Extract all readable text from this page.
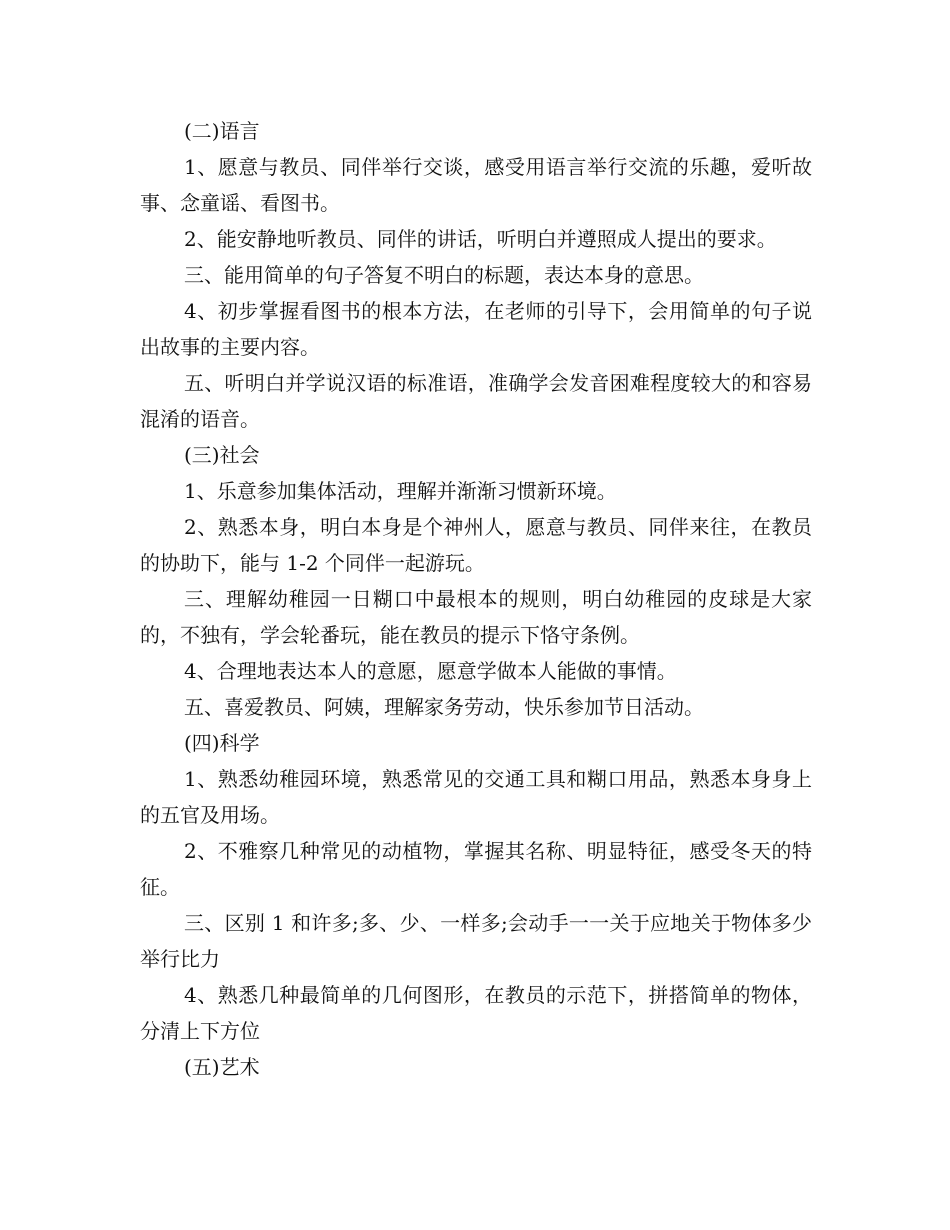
(二)语言

1、愿意与教员、同伴举行交谈，感受用语言举行交流的乐趣，爱听故事、念童谣、看图书。

2、能安静地听教员、同伴的讲话，听明白并遵照成人提出的要求。

三、能用简单的句子答复不明白的标题，表达本身的意思。

4、初步掌握看图书的根本方法，在老师的引导下，会用简单的句子说出故事的主要内容。

五、听明白并学说汉语的标准语，准确学会发音困难程度较大的和容易混淆的语音。

(三)社会

1、乐意参加集体活动，理解并渐渐习惯新环境。

2、熟悉本身，明白本身是个神州人，愿意与教员、同伴来往，在教员的协助下，能与 1-2 个同伴一起游玩。

三、理解幼稚园一日糊口中最根本的规则，明白幼稚园的皮球是大家的，不独有，学会轮番玩，能在教员的提示下恪守条例。

4、合理地表达本人的意愿，愿意学做本人能做的事情。

五、喜爱教员、阿姨，理解家务劳动，快乐参加节日活动。

(四)科学

1、熟悉幼稚园环境，熟悉常见的交通工具和糊口用品，熟悉本身身上的五官及用场。

2、不雅察几种常见的动植物，掌握其名称、明显特征，感受冬天的特征。

三、区别 1 和许多;多、少、一样多;会动手一一关于应地关于物体多少举行比力

4、熟悉几种最简单的几何图形，在教员的示范下，拼搭简单的物体，分清上下方位

(五)艺术
